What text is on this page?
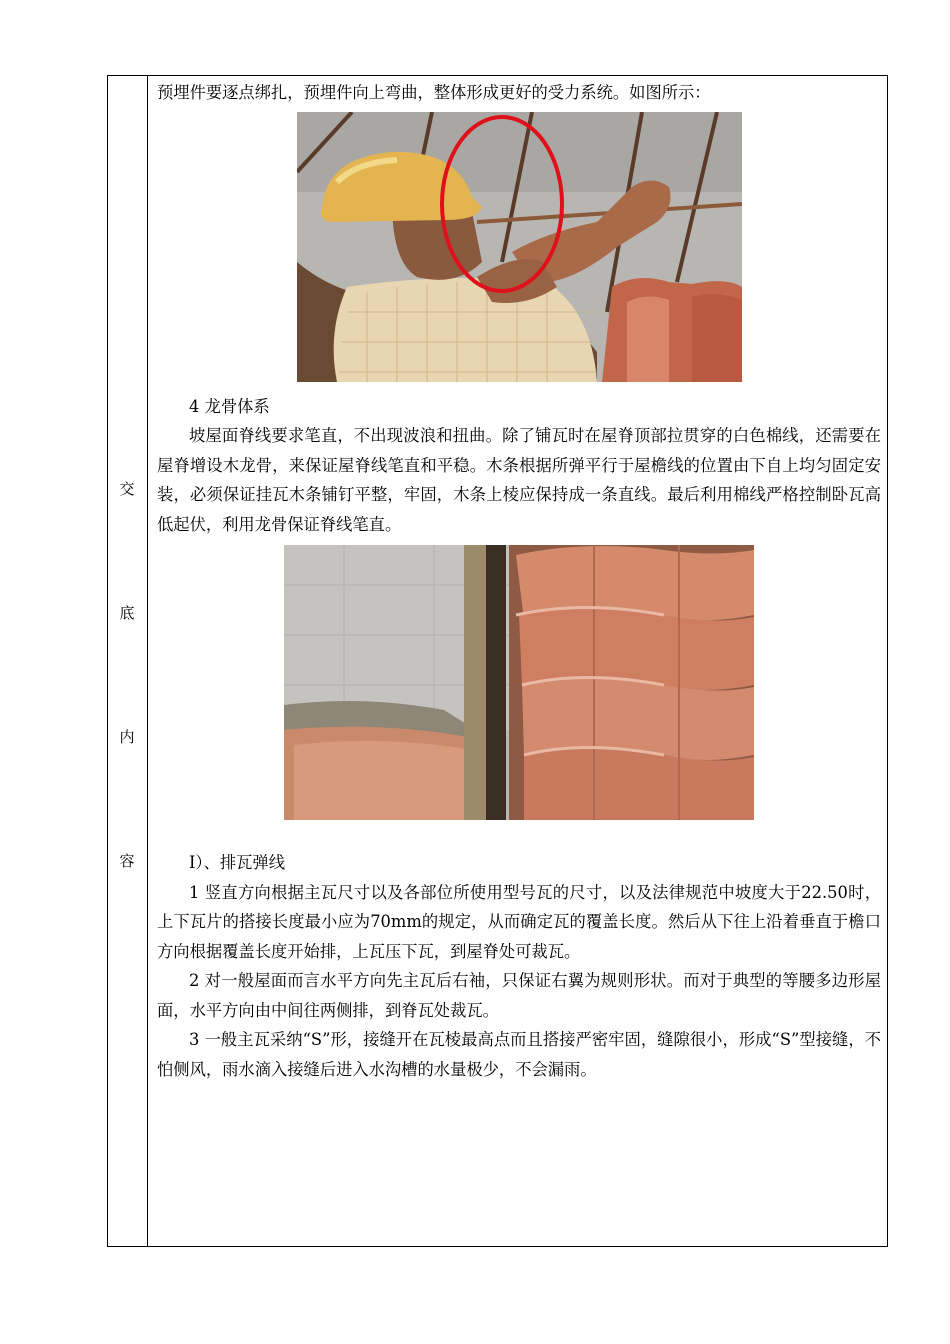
交
底
内
容

预埋件要逐点绑扎，预埋件向上弯曲，整体形成更好的受力系统。如图所示：

4 龙骨体系

坡屋面脊线要求笔直，不出现波浪和扭曲。除了铺瓦时在屋脊顶部拉贯穿的白色棉线，还需要在屋脊增设木龙骨，来保证屋脊线笔直和平稳。木条根据所弹平行于屋檐线的位置由下自上均匀固定安装，必须保证挂瓦木条铺钉平整，牢固，木条上棱应保持成一条直线。最后利用棉线严格控制卧瓦高低起伏，利用龙骨保证脊线笔直。

Ⅰ）、排瓦弹线

1 竖直方向根据主瓦尺寸以及各部位所使用型号瓦的尺寸，以及法律规范中坡度大于22.50时，上下瓦片的搭接长度最小应为70mm的规定，从而确定瓦的覆盖长度。然后从下往上沿着垂直于檐口方向根据覆盖长度开始排，上瓦压下瓦，到屋脊处可裁瓦。

2 对一般屋面而言水平方向先主瓦后右袖，只保证右翼为规则形状。而对于典型的等腰多边形屋面，水平方向由中间往两侧排，到脊瓦处裁瓦。

3 一般主瓦采纳“S”形，接缝开在瓦棱最高点而且搭接严密牢固，缝隙很小，形成“S”型接缝，不怕侧风，雨水滴入接缝后进入水沟槽的水量极少，不会漏雨。
